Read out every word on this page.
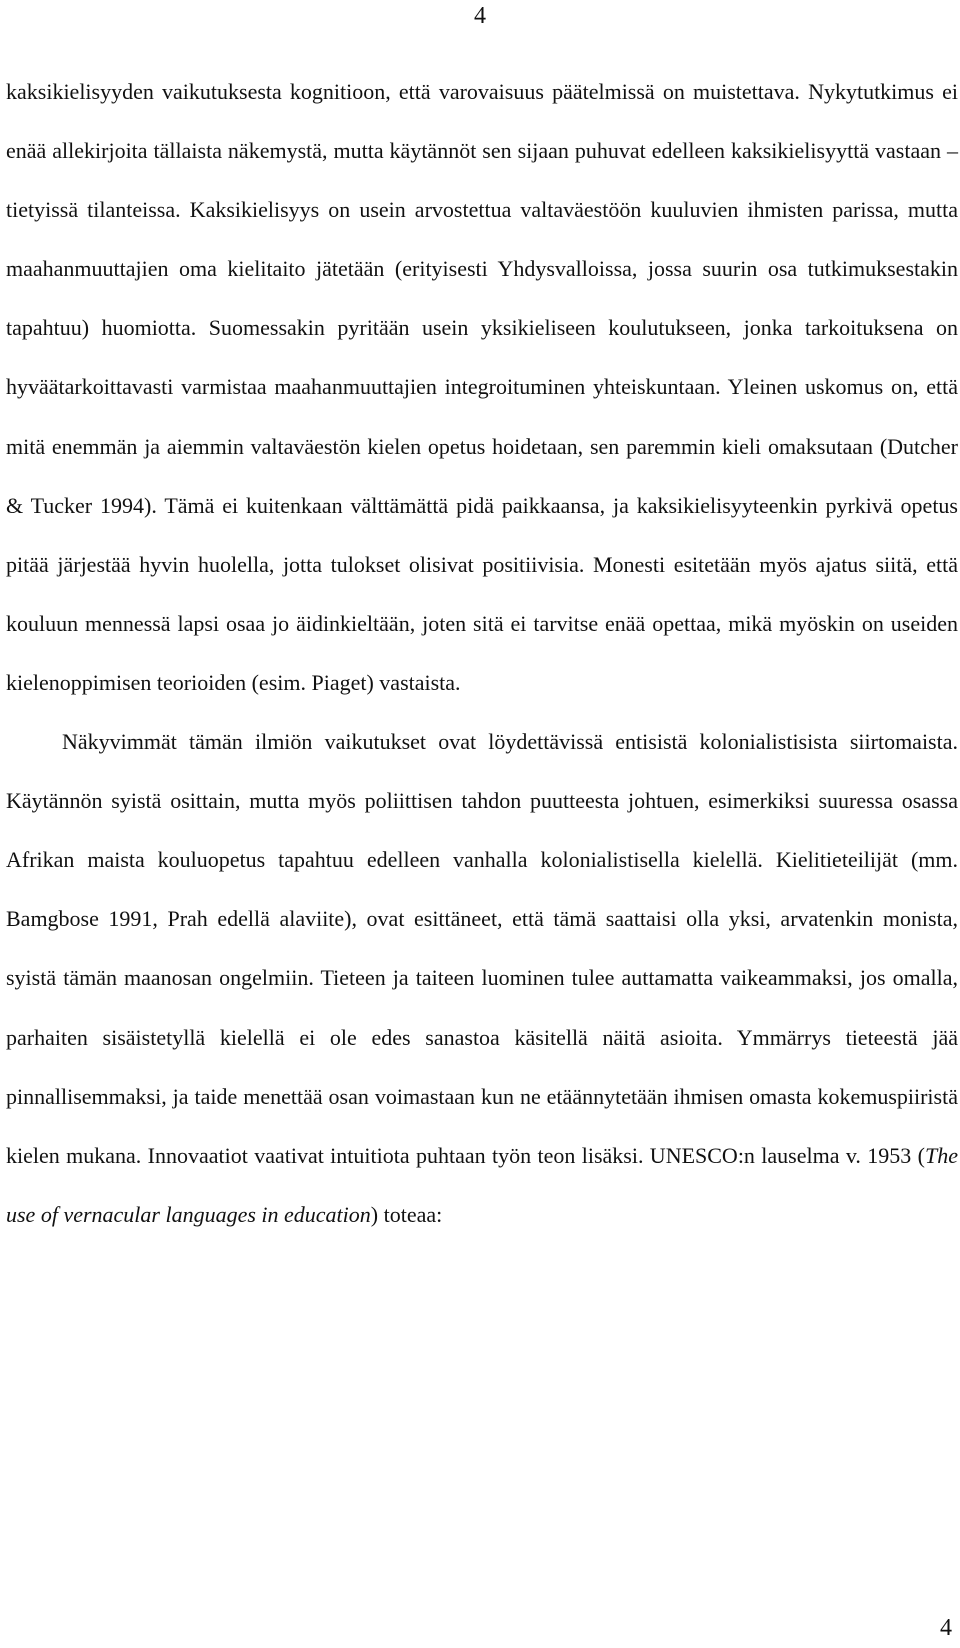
4

kaksikielisyyden vaikutuksesta kognitioon, että varovaisuus päätelmissä on muistettava. Nykytutkimus ei enää allekirjoita tällaista näkemystä, mutta käytännöt sen sijaan puhuvat edelleen kaksikielisyyttä vastaan –tietyissä tilanteissa. Kaksikielisyys on usein arvostettua valtaväestöön kuuluvien ihmisten parissa, mutta maahanmuuttajien oma kielitaito jätetään (erityisesti Yhdysvalloissa, jossa suurin osa tutkimuksestakin tapahtuu) huomiotta. Suomessakin pyritään usein yksikieliseen koulutukseen, jonka tarkoituksena on hyväätarkoittavasti varmistaa maahanmuuttajien integroituminen yhteiskuntaan. Yleinen uskomus on, että mitä enemmän ja aiemmin valtaväestön kielen opetus hoidetaan, sen paremmin kieli omaksutaan (Dutcher & Tucker 1994). Tämä ei kuitenkaan välttämättä pidä paikkaansa, ja kaksikielisyyteenkin pyrkivä opetus pitää järjestää hyvin huolella, jotta tulokset olisivat positiivisia. Monesti esitetään myös ajatus siitä, että kouluun mennessä lapsi osaa jo äidinkieltään, joten sitä ei tarvitse enää opettaa, mikä myöskin on useiden kielenoppimisen teorioiden (esim. Piaget) vastaista.

Näkyvimmät tämän ilmiön vaikutukset ovat löydettävissä entisistä kolonialistisista siirtomaista. Käytännön syistä osittain, mutta myös poliittisen tahdon puutteesta johtuen, esimerkiksi suuressa osassa Afrikan maista kouluopetus tapahtuu edelleen vanhalla kolonialistisella kielellä. Kielitieteilijät (mm. Bamgbose 1991, Prah edellä alaviite), ovat esittäneet, että tämä saattaisi olla yksi, arvatenkin monista, syistä tämän maanosan ongelmiin. Tieteen ja taiteen luominen tulee auttamatta vaikeammaksi, jos omalla, parhaiten sisäistetyllä kielellä ei ole edes sanastoa käsitellä näitä asioita. Ymmärrys tieteestä jää pinnallisemmaksi, ja taide menettää osan voimastaan kun ne etäännytetään ihmisen omasta kokemuspiiristä kielen mukana. Innovaatiot vaativat intuitiota puhtaan työn teon lisäksi. UNESCO:n lauselma v. 1953 (The use of vernacular languages in education) toteaa:

4
